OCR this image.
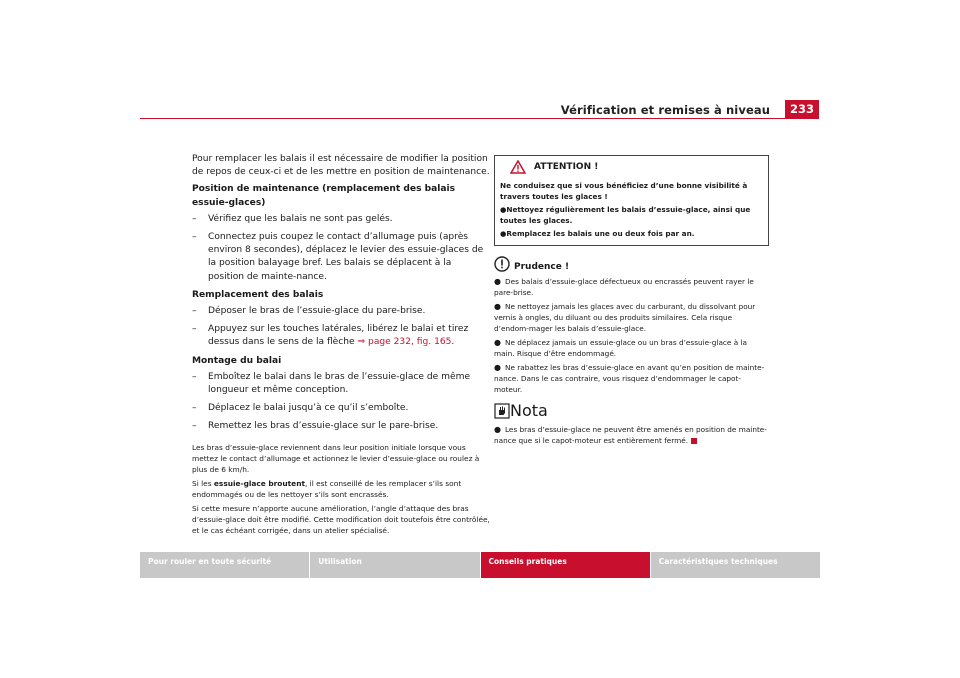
Vérification et remises à niveau	233

Pour remplacer les balais il est nécessaire de modifier la position de repos de ceux-ci et de les mettre en position de maintenance.

Position de maintenance (remplacement des balais essuie-glaces)
– Vérifiez que les balais ne sont pas gelés.
– Connectez puis coupez le contact d’allumage puis (après environ 8 secondes), déplacez le levier des essuie-glaces de la position balayage bref. Les balais se déplacent à la position de mainte-nance.
Remplacement des balais
– Déposer le bras de l’essuie-glace du pare-brise.
– Appuyez sur les touches latérales, libérez le balai et tirez dessus dans le sens de la flèche ⇒ page 232, fig. 165.
Montage du balai
– Emboîtez le balai dans le bras de l’essuie-glace de même longueur et même conception.
– Déplacez le balai jusqu’à ce qu’il s’emboîte.
– Remettez les bras d’essuie-glace sur le pare-brise.

Les bras d’essuie-glace reviennent dans leur position initiale lorsque vous mettez le contact d’allumage et actionnez le levier d’essuie-glace ou roulez à plus de 6 km/h.

Si les essuie-glace broutent, il est conseillé de les remplacer s’ils sont endommagés ou de les nettoyer s’ils sont encrassés.

Si cette mesure n’apporte aucune amélioration, l’angle d’attaque des bras d’essuie-glace doit être modifié. Cette modification doit toutefois être contrôlée, et le cas échéant corrigée, dans un atelier spécialisé.

ATTENTION !
Ne conduisez que si vous bénéficiez d’une bonne visibilité à travers toutes les glaces !
●Nettoyez régulièrement les balais d’essuie-glace, ainsi que toutes les glaces.
●Remplacez les balais une ou deux fois par an.
Prudence !
● Des balais d’essuie-glace défectueux ou encrassés peuvent rayer le pare-brise.
● Ne nettoyez jamais les glaces avec du carburant, du dissolvant pour vernis à ongles, du diluant ou des produits similaires. Cela risque d’endom-mager les balais d’essuie-glace.
● Ne déplacez jamais un essuie-glace ou un bras d’essuie-glace à la main. Risque d’être endommagé.
● Ne rabattez les bras d’essuie-glace en avant qu’en position de mainte-nance. Dans le cas contraire, vous risquez d’endommager le capot-moteur.
Nota
● Les bras d’essuie-glace ne peuvent être amenés en position de mainte-nance que si le capot-moteur est entièrement fermé.
Pour rouler en toute sécurité	Utilisation	Conseils pratiques	Caractéristiques techniques
